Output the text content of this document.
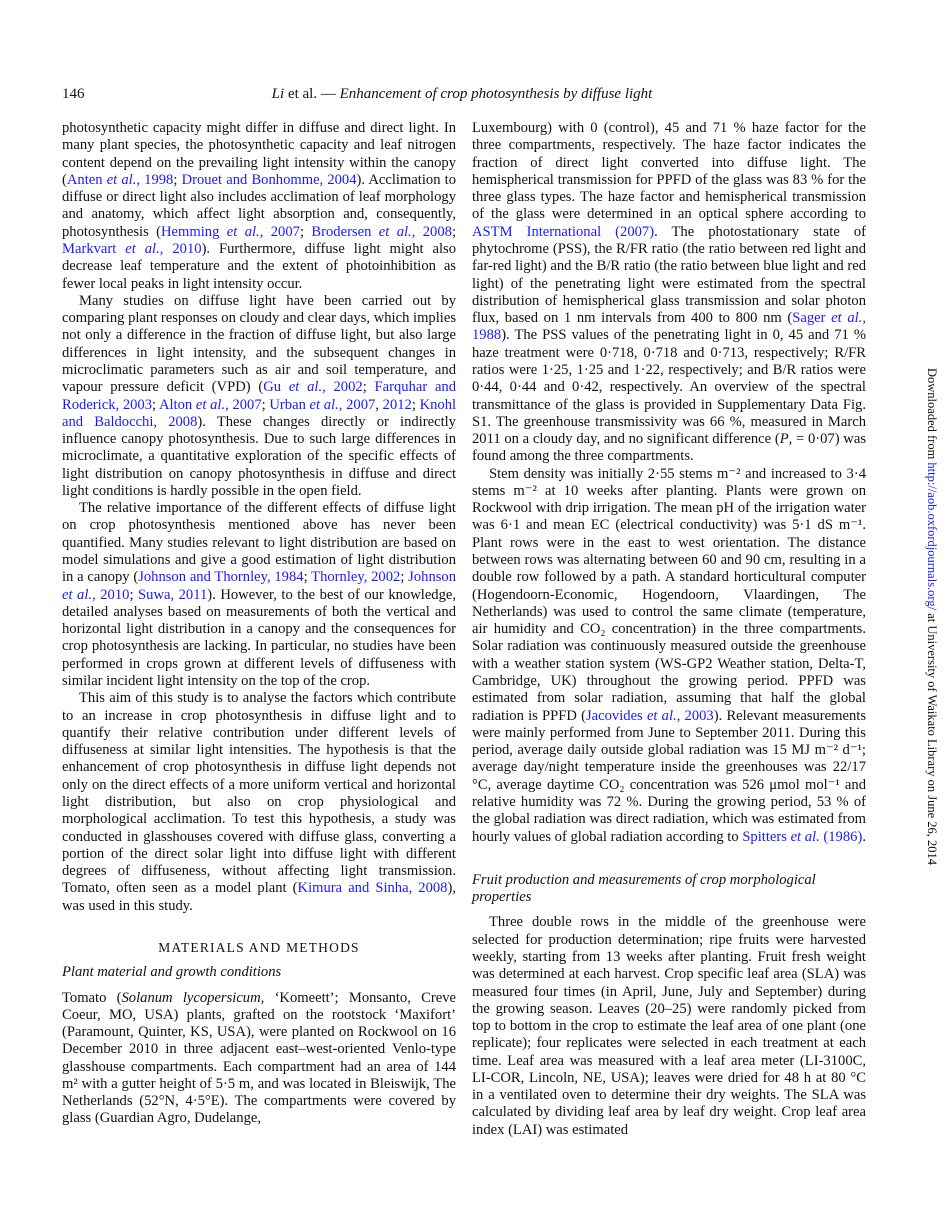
146	Li et al. — Enhancement of crop photosynthesis by diffuse light

photosynthetic capacity might differ in diffuse and direct light. In many plant species, the photosynthetic capacity and leaf nitrogen content depend on the prevailing light intensity within the canopy (Anten et al., 1998; Drouet and Bonhomme, 2004). Acclimation to diffuse or direct light also includes acclimation of leaf morphology and anatomy, which affect light absorption and, consequently, photosynthesis (Hemming et al., 2007; Brodersen et al., 2008; Markvart et al., 2010). Furthermore, diffuse light might also decrease leaf temperature and the extent of photoinhibition as fewer local peaks in light intensity occur.

Many studies on diffuse light have been carried out by comparing plant responses on cloudy and clear days, which implies not only a difference in the fraction of diffuse light, but also large differences in light intensity, and the subsequent changes in microclimatic parameters such as air and soil temperature, and vapour pressure deficit (VPD) (Gu et al., 2002; Farquhar and Roderick, 2003; Alton et al., 2007; Urban et al., 2007, 2012; Knohl and Baldocchi, 2008). These changes directly or indirectly influence canopy photosynthesis. Due to such large differences in microclimate, a quantitative exploration of the specific effects of light distribution on canopy photosynthesis in diffuse and direct light conditions is hardly possible in the open field.

The relative importance of the different effects of diffuse light on crop photosynthesis mentioned above has never been quantified. Many studies relevant to light distribution are based on model simulations and give a good estimation of light distribution in a canopy (Johnson and Thornley, 1984; Thornley, 2002; Johnson et al., 2010; Suwa, 2011). However, to the best of our knowledge, detailed analyses based on measurements of both the vertical and horizontal light distribution in a canopy and the consequences for crop photosynthesis are lacking. In particular, no studies have been performed in crops grown at different levels of diffuseness with similar incident light intensity on the top of the crop.

This aim of this study is to analyse the factors which contribute to an increase in crop photosynthesis in diffuse light and to quantify their relative contribution under different levels of diffuseness at similar light intensities. The hypothesis is that the enhancement of crop photosynthesis in diffuse light depends not only on the direct effects of a more uniform vertical and horizontal light distribution, but also on crop physiological and morphological acclimation. To test this hypothesis, a study was conducted in glasshouses covered with diffuse glass, converting a portion of the direct solar light into diffuse light with different degrees of diffuseness, without affecting light transmission. Tomato, often seen as a model plant (Kimura and Sinha, 2008), was used in this study.

MATERIALS AND METHODS
Plant material and growth conditions

Tomato (Solanum lycopersicum, ‘Komeett’; Monsanto, Creve Coeur, MO, USA) plants, grafted on the rootstock ‘Maxifort’ (Paramount, Quinter, KS, USA), were planted on Rockwool on 16 December 2010 in three adjacent east–west-oriented Venlo-type glasshouse compartments. Each compartment had an area of 144 m² with a gutter height of 5·5 m, and was located in Bleiswijk, The Netherlands (52°N, 4·5°E). The compartments were covered by glass (Guardian Agro, Dudelange,

Luxembourg) with 0 (control), 45 and 71 % haze factor for the three compartments, respectively. The haze factor indicates the fraction of direct light converted into diffuse light. The hemispherical transmission for PPFD of the glass was 83 % for the three glass types. The haze factor and hemispherical transmission of the glass were determined in an optical sphere according to ASTM International (2007). The photostationary state of phytochrome (PSS), the R/FR ratio (the ratio between red light and far-red light) and the B/R ratio (the ratio between blue light and red light) of the penetrating light were estimated from the spectral distribution of hemispherical glass transmission and solar photon flux, based on 1 nm intervals from 400 to 800 nm (Sager et al., 1988). The PSS values of the penetrating light in 0, 45 and 71 % haze treatment were 0·718, 0·718 and 0·713, respectively; R/FR ratios were 1·25, 1·25 and 1·22, respectively; and B/R ratios were 0·44, 0·44 and 0·42, respectively. An overview of the spectral transmittance of the glass is provided in Supplementary Data Fig. S1. The greenhouse transmissivity was 66 %, measured in March 2011 on a cloudy day, and no significant difference (P, = 0·07) was found among the three compartments.

Stem density was initially 2·55 stems m⁻² and increased to 3·4 stems m⁻² at 10 weeks after planting. Plants were grown on Rockwool with drip irrigation. The mean pH of the irrigation water was 6·1 and mean EC (electrical conductivity) was 5·1 dS m⁻¹. Plant rows were in the east to west orientation. The distance between rows was alternating between 60 and 90 cm, resulting in a double row followed by a path. A standard horticultural computer (Hogendoorn-Economic, Hogendoorn, Vlaardingen, The Netherlands) was used to control the same climate (temperature, air humidity and CO₂ concentration) in the three compartments. Solar radiation was continuously measured outside the greenhouse with a weather station system (WS-GP2 Weather station, Delta-T, Cambridge, UK) throughout the growing period. PPFD was estimated from solar radiation, assuming that half the global radiation is PPFD (Jacovides et al., 2003). Relevant measurements were mainly performed from June to September 2011. During this period, average daily outside global radiation was 15 MJ m⁻² d⁻¹; average day/night temperature inside the greenhouses was 22/17 °C, average daytime CO₂ concentration was 526 μmol mol⁻¹ and relative humidity was 72 %. During the growing period, 53 % of the global radiation was direct radiation, which was estimated from hourly values of global radiation according to Spitters et al. (1986).

Fruit production and measurements of crop morphological properties

Three double rows in the middle of the greenhouse were selected for production determination; ripe fruits were harvested weekly, starting from 13 weeks after planting. Fruit fresh weight was determined at each harvest. Crop specific leaf area (SLA) was measured four times (in April, June, July and September) during the growing season. Leaves (20–25) were randomly picked from top to bottom in the crop to estimate the leaf area of one plant (one replicate); four replicates were selected in each treatment at each time. Leaf area was measured with a leaf area meter (LI-3100C, LI-COR, Lincoln, NE, USA); leaves were dried for 48 h at 80 °C in a ventilated oven to determine their dry weights. The SLA was calculated by dividing leaf area by leaf dry weight. Crop leaf area index (LAI) was estimated

Downloaded from http://aob.oxfordjournals.org/ at University of Waikato Library on June 26, 2014
